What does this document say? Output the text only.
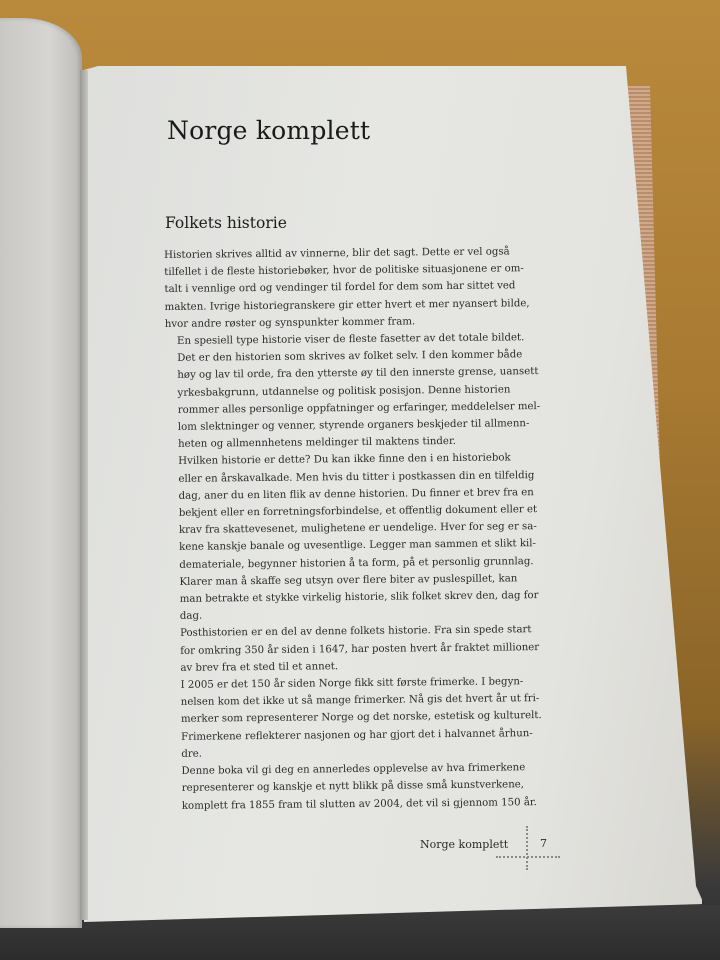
Norge komplett
Folkets historie

Historien skrives alltid av vinnerne, blir det sagt. Dette er vel også
tilfellet i de fleste historiebøker, hvor de politiske situasjonene er om-
talt i vennlige ord og vendinger til fordel for dem som har sittet ved
makten. Ivrige historiegranskere gir etter hvert et mer nyansert bilde,
hvor andre røster og synspunkter kommer fram.

En spesiell type historie viser de fleste fasetter av det totale bildet.
Det er den historien som skrives av folket selv. I den kommer både
høy og lav til orde, fra den ytterste øy til den innerste grense, uansett
yrkesbakgrunn, utdannelse og politisk posisjon. Denne historien
rommer alles personlige oppfatninger og erfaringer, meddelelser mel-
lom slektninger og venner, styrende organers beskjeder til allmenn-
heten og allmennhetens meldinger til maktens tinder.

Hvilken historie er dette? Du kan ikke finne den i en historiebok
eller en årskavalkade. Men hvis du titter i postkassen din en tilfeldig
dag, aner du en liten flik av denne historien. Du finner et brev fra en
bekjent eller en forretningsforbindelse, et offentlig dokument eller et
krav fra skattevesenet, mulighetene er uendelige. Hver for seg er sa-
kene kanskje banale og uvesentlige. Legger man sammen et slikt kil-
demateriale, begynner historien å ta form, på et personlig grunnlag.
Klarer man å skaffe seg utsyn over flere biter av puslespillet, kan
man betrakte et stykke virkelig historie, slik folket skrev den, dag for
dag.

Posthistorien er en del av denne folkets historie. Fra sin spede start
for omkring 350 år siden i 1647, har posten hvert år fraktet millioner
av brev fra et sted til et annet.

I 2005 er det 150 år siden Norge fikk sitt første frimerke. I begyn-
nelsen kom det ikke ut så mange frimerker. Nå gis det hvert år ut fri-
merker som representerer Norge og det norske, estetisk og kulturelt.
Frimerkene reflekterer nasjonen og har gjort det i halvannet århun-
dre.

Denne boka vil gi deg en annerledes opplevelse av hva frimerkene
representerer og kanskje et nytt blikk på disse små kunstverkene,
komplett fra 1855 fram til slutten av 2004, det vil si gjennom 150 år.

Norge komplett	7
